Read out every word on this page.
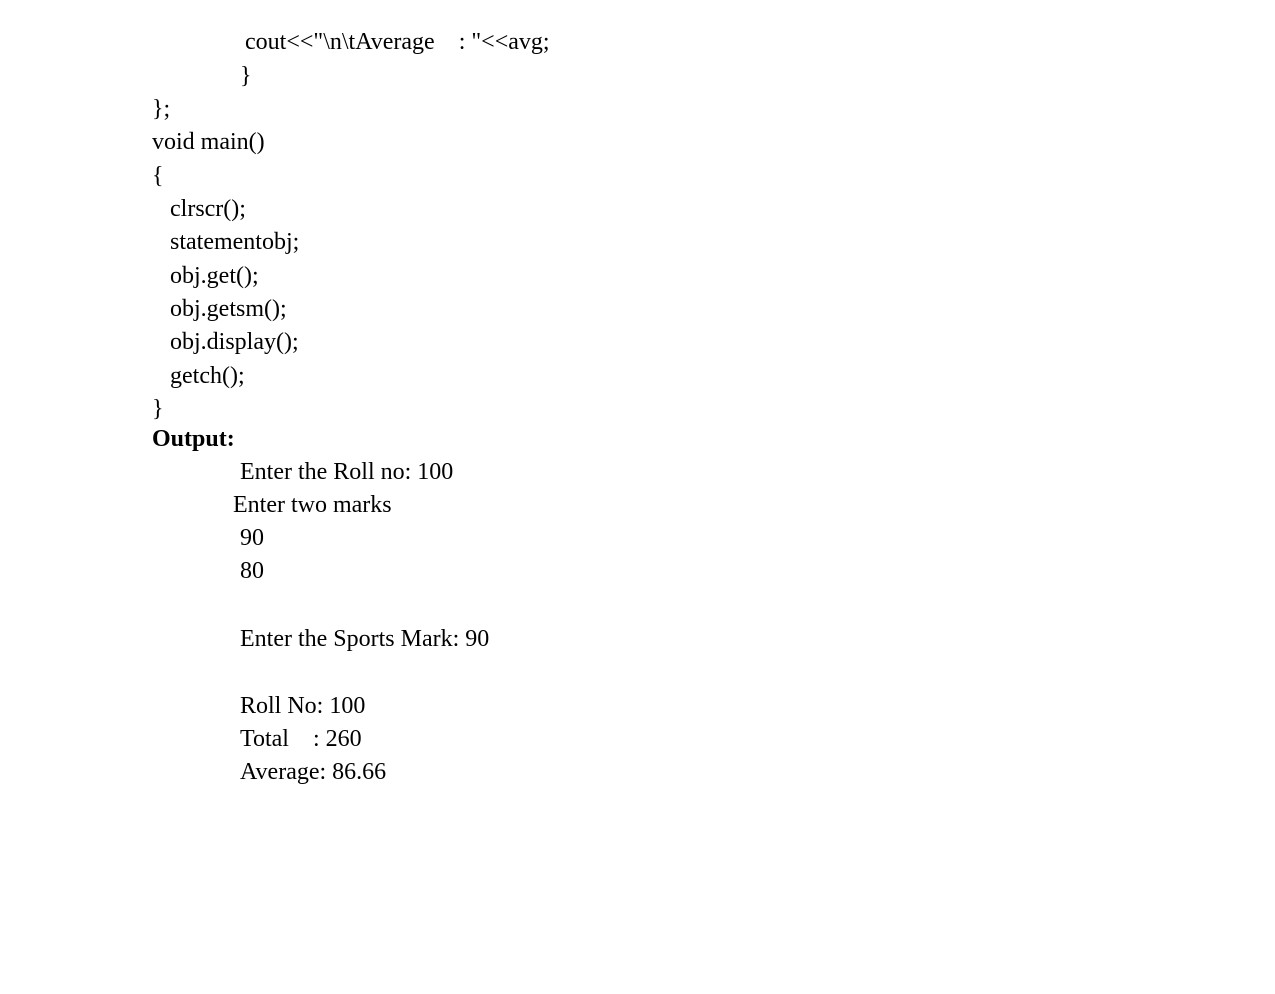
cout<<"\n\tAverage    : "<<avg;
}
};
void main()
{
clrscr();
statementobj;
obj.get();
obj.getsm();
obj.display();
getch();
}
Output:
Enter the Roll no: 100
Enter two marks
90
80
Enter the Sports Mark: 90
Roll No: 100
Total    : 260
Average: 86.66
